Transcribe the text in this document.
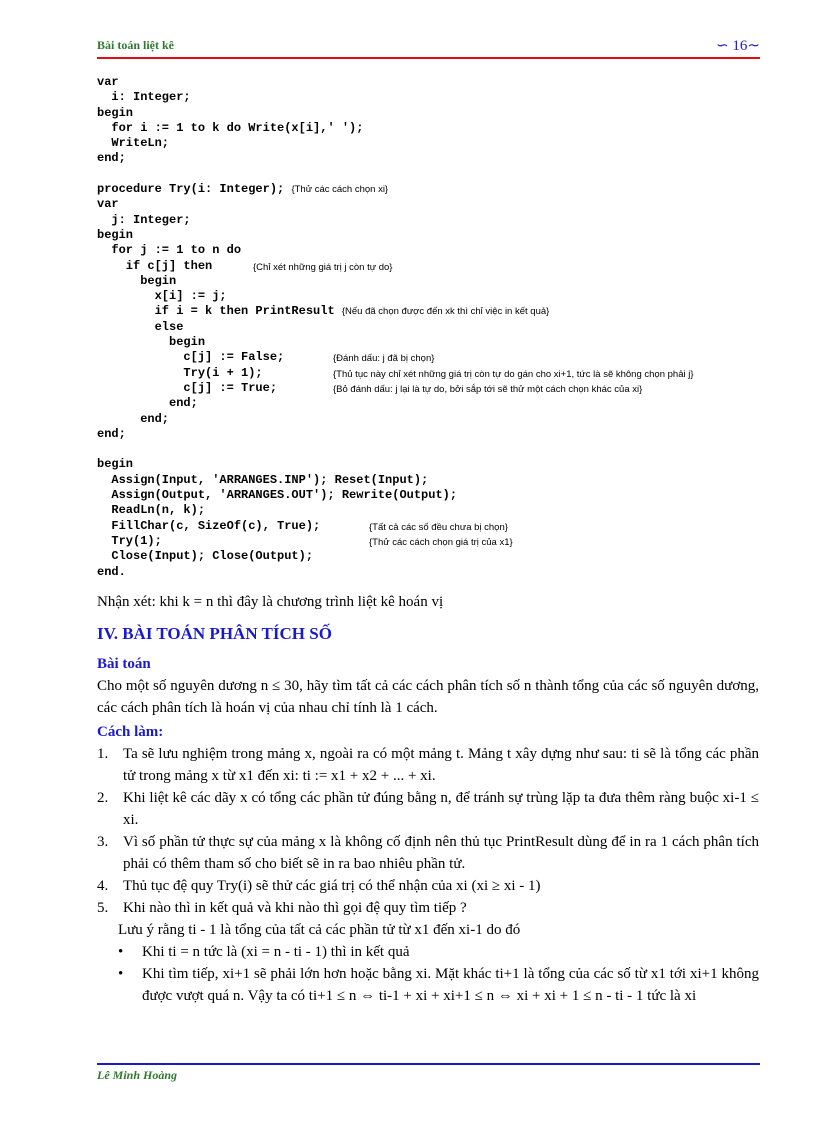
Bài toán liệt kê	∽ 16∼
var
i: Integer;
begin
for i := 1 to k do Write(x[i],' ');
WriteLn;
end;
procedure Try(i: Integer); {Thử các cách chọn xi}
var
j: Integer;
begin
for j := 1 to n do
if c[j] then	{Chỉ xét những giá trị j còn tự do}
begin
x[i] := j;
if i = k then PrintResult {Nếu đã chọn được đến xk thì chỉ việc in kết quả}
else
begin
c[j] := False;	{Đánh dấu: j đã bị chọn}
Try(i + 1);	{Thủ tục này chỉ xét những giá trị còn tự do gán cho xi+1, tức là sẽ không chọn phải j}
c[j] := True;	{Bỏ đánh dấu: j lại là tự do, bởi sắp tới sẽ thử một cách chọn khác của xi}
end;
end;
end;
begin
Assign(Input, 'ARRANGES.INP'); Reset(Input);
Assign(Output, 'ARRANGES.OUT'); Rewrite(Output);
ReadLn(n, k);
FillChar(c, SizeOf(c), True);	{Tất cả các số đều chưa bị chọn}
Try(1);	{Thử các cách chọn giá trị của x1}
Close(Input); Close(Output);
end.
Nhận xét: khi k = n thì đây là chương trình liệt kê hoán vị
IV. BÀI TOÁN PHÂN TÍCH SỐ
Bài toán
Cho một số nguyên dương n ≤ 30, hãy tìm tất cả các cách phân tích số n thành tổng của các số nguyên dương, các cách phân tích là hoán vị của nhau chỉ tính là 1 cách.
Cách làm:
1. Ta sẽ lưu nghiệm trong mảng x, ngoài ra có một mảng t. Mảng t xây dựng như sau: ti sẽ là tổng các phần tử trong mảng x từ x1 đến xi: ti := x1 + x2 + ... + xi.
2. Khi liệt kê các dãy x có tổng các phần tử đúng bằng n, để tránh sự trùng lặp ta đưa thêm ràng buộc xi-1 ≤ xi.
3. Vì số phần tử thực sự của mảng x là không cố định nên thủ tục PrintResult dùng để in ra 1 cách phân tích phải có thêm tham số cho biết sẽ in ra bao nhiêu phần tử.
4. Thủ tục đệ quy Try(i) sẽ thử các giá trị có thể nhận của xi (xi ≥ xi - 1)
5. Khi nào thì in kết quả và khi nào thì gọi đệ quy tìm tiếp ?
Lưu ý rằng ti - 1 là tổng của tất cả các phần tử từ x1 đến xi-1 do đó
•	Khi ti = n tức là (xi = n - ti - 1) thì in kết quả
•	Khi tìm tiếp, xi+1 sẽ phải lớn hơn hoặc bằng xi. Mặt khác ti+1 là tổng của các số từ x1 tới xi+1 không được vượt quá n. Vậy ta có ti+1 ≤ n ⇔ ti-1 + xi + xi+1 ≤ n ⇔ xi + xi + 1 ≤ n - ti - 1 tức là xi
Lê Minh Hoàng
